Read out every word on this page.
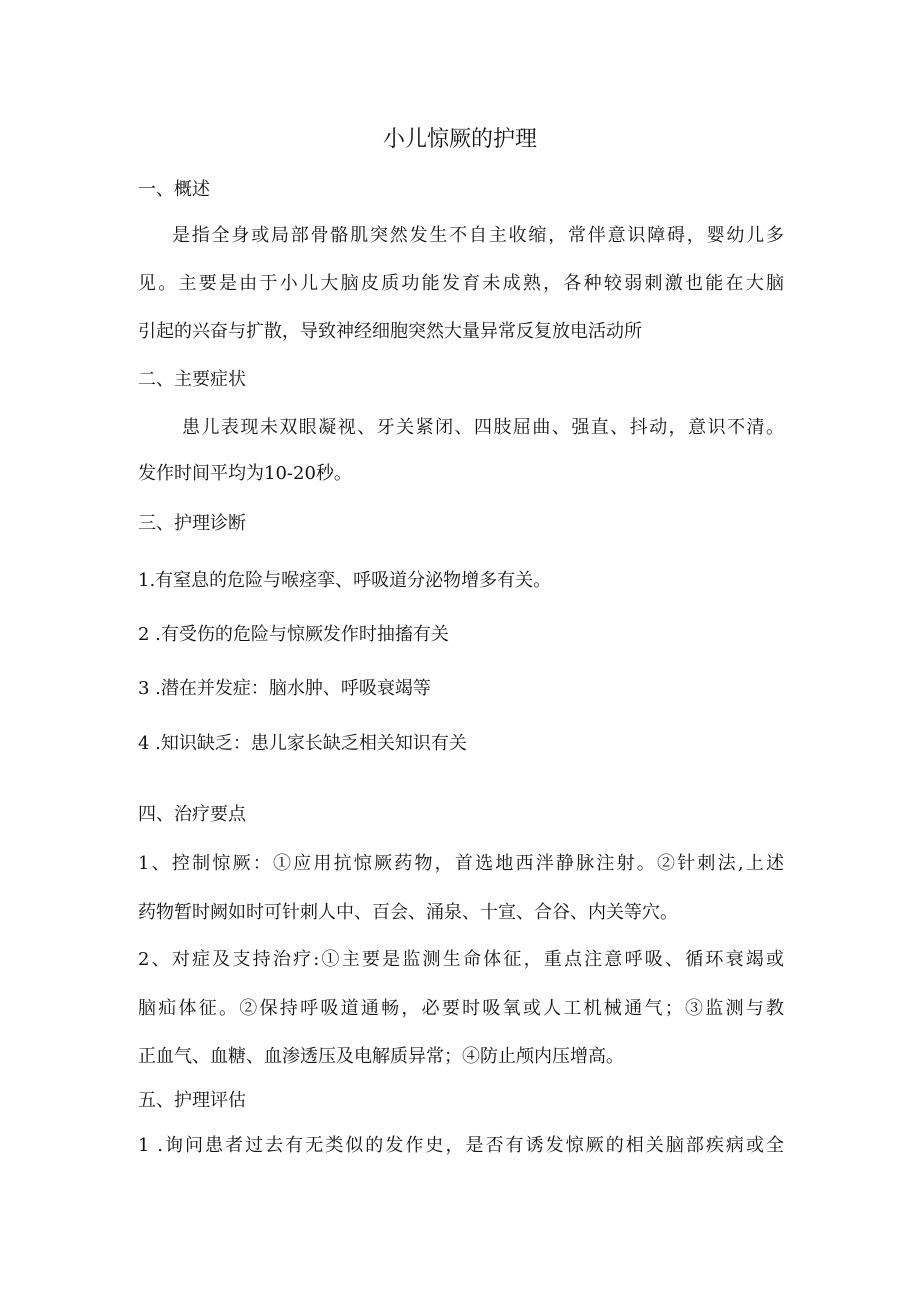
小儿惊厥的护理
一、概述
是指全身或局部骨骼肌突然发生不自主收缩，常伴意识障碍，婴幼儿多
见。主要是由于小儿大脑皮质功能发育未成熟，各种较弱刺激也能在大脑
引起的兴奋与扩散，导致神经细胞突然大量异常反复放电活动所
二、主要症状
患儿表现未双眼凝视、牙关紧闭、四肢屈曲、强直、抖动，意识不清。
发作时间平均为10-20秒。
三、护理诊断
1.有窒息的危险与喉痉挛、呼吸道分泌物增多有关。
2 .有受伤的危险与惊厥发作时抽搐有关
3 .潜在并发症：脑水肿、呼吸衰竭等
4 .知识缺乏：患儿家长缺乏相关知识有关
四、治疗要点
1、控制惊厥：①应用抗惊厥药物，首选地西泮静脉注射。②针刺法,上述
药物暂时阙如时可针刺人中、百会、涌泉、十宣、合谷、内关等穴。
2、对症及支持治疗:①主要是监测生命体征，重点注意呼吸、循环衰竭或
脑疝体征。②保持呼吸道通畅，必要时吸氧或人工机械通气；③监测与教
正血气、血糖、血渗透压及电解质异常；④防止颅内压增高。
五、护理评估
1 .询问患者过去有无类似的发作史，是否有诱发惊厥的相关脑部疾病或全
